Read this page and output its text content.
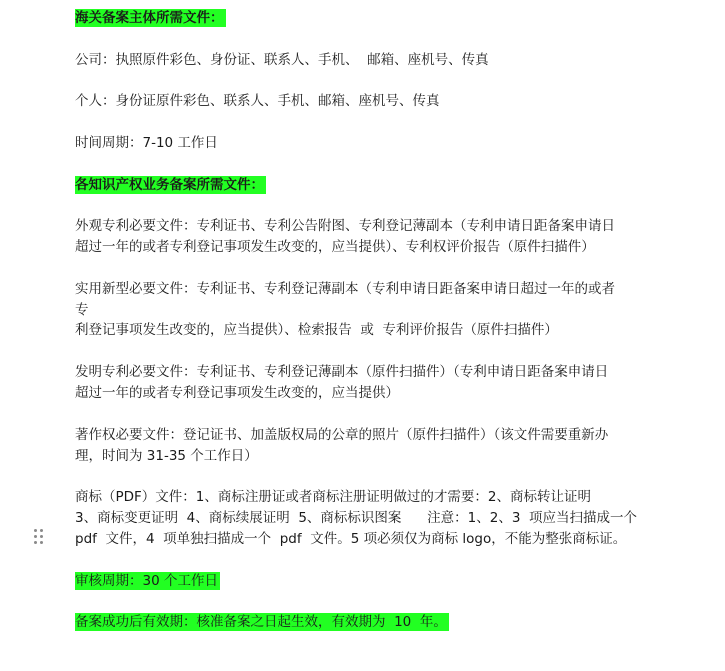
海关备案主体所需文件：
公司：执照原件彩色、身份证、联系人、手机、  邮箱、座机号、传真
个人：身份证原件彩色、联系人、手机、邮箱、座机号、传真
时间周期：7-10 工作日
各知识产权业务备案所需文件：
外观专利必要文件：专利证书、专利公告附图、专利登记薄副本（专利申请日距备案申请日
超过一年的或者专利登记事项发生改变的，应当提供）、专利权评价报告（原件扫描件）
实用新型必要文件：专利证书、专利登记薄副本（专利申请日距备案申请日超过一年的或者
专
利登记事项发生改变的，应当提供）、检索报告  或  专利评价报告（原件扫描件）
发明专利必要文件：专利证书、专利登记薄副本（原件扫描件）（专利申请日距备案申请日
超过一年的或者专利登记事项发生改变的，应当提供）
著作权必要文件：登记证书、加盖版权局的公章的照片（原件扫描件）（该文件需要重新办
理，时间为 31-35 个工作日）
商标（PDF）文件：1、商标注册证或者商标注册证明做过的才需要：2、商标转让证明
3、商标变更证明  4、商标续展证明  5、商标标识图案      注意：1、2、3  项应当扫描成一个
pdf  文件，4  项单独扫描成一个  pdf  文件。5 项必须仅为商标 logo，不能为整张商标证。
审核周期：30 个工作日
备案成功后有效期：核准备案之日起生效，有效期为  10  年。
